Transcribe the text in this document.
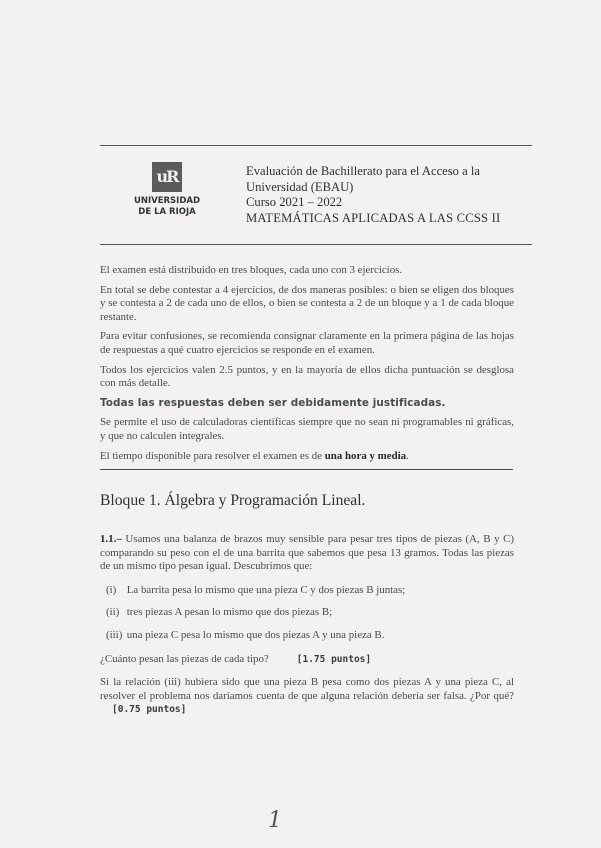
uR
UNIVERSIDAD
DE LA RIOJA
Evaluación de Bachillerato para el Acceso a la
Universidad (EBAU)
Curso 2021 – 2022
MATEMÁTICAS APLICADAS A LAS CCSS II

El examen está distribuido en tres bloques, cada uno con 3 ejercicios.

En total se debe contestar a 4 ejercicios, de dos maneras posibles: o bien se eligen dos bloques y se contesta a 2 de cada uno de ellos, o bien se contesta a 2 de un bloque y a 1 de cada bloque restante.

Para evitar confusiones, se recomienda consignar claramente en la primera página de las hojas de respuestas a qué cuatro ejercicios se responde en el examen.

Todos los ejercicios valen 2.5 puntos, y en la mayoría de ellos dicha puntuación se desglosa con más detalle.

Todas las respuestas deben ser debidamente justificadas.

Se permite el uso de calculadoras científicas siempre que no sean ni programables ni gráficas, y que no calculen integrales.

El tiempo disponible para resolver el examen es de una hora y media.

Bloque 1. Álgebra y Programación Lineal.

1.1.– Usamos una balanza de brazos muy sensible para pesar tres tipos de piezas (A, B y C) comparando su peso con el de una barrita que sabemos que pesa 13 gramos. Todas las piezas de un mismo tipo pesan igual. Descubrimos que:

(i) La barrita pesa lo mismo que una pieza C y dos piezas B juntas;
(ii) tres piezas A pesan lo mismo que dos piezas B;
(iii) una pieza C pesa lo mismo que dos piezas A y una pieza B.

¿Cuánto pesan las piezas de cada tipo?	[1.75 puntos]

Si la relación (iii) hubiera sido que una pieza B pesa como dos piezas A y una pieza C, al resolver el problema nos daríamos cuenta de que alguna relación debería ser falsa. ¿Por qué?[0.75 puntos]

1
